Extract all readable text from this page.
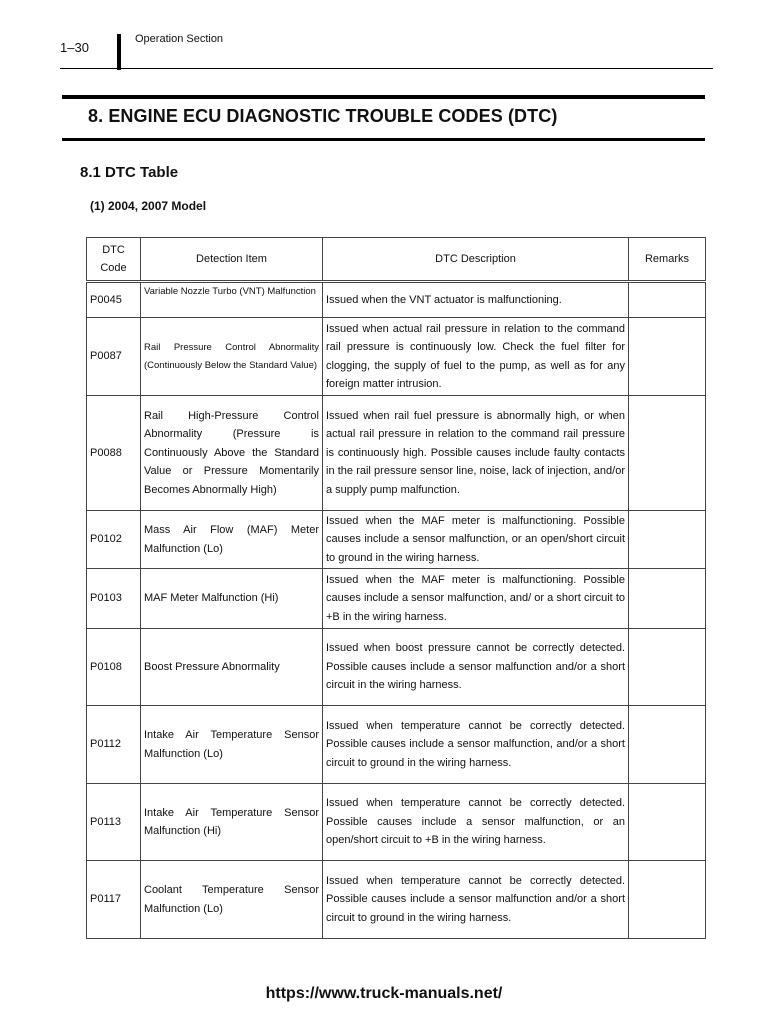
1–30
Operation Section
8. ENGINE ECU DIAGNOSTIC TROUBLE CODES (DTC)
8.1 DTC Table
(1) 2004, 2007 Model
DTC
Code	Detection Item	DTC Description	Remarks
P0045	Variable Nozzle Turbo (VNT) Malfunction	Issued when the VNT actuator is malfunctioning.	
P0087	Rail Pressure Control Abnormality (Continuously Below the Standard Value)	Issued when actual rail pressure in relation to the command rail pressure is continuously low. Check the fuel filter for clogging, the supply of fuel to the pump, as well as for any foreign matter intrusion.	
P0088	Rail High-Pressure Control Abnormality (Pressure is Continuously Above the Standard Value or Pressure Momentarily Becomes Abnormally High)	Issued when rail fuel pressure is abnormally high, or when actual rail pressure in relation to the command rail pressure is continuously high. Possible causes include faulty contacts in the rail pressure sensor line, noise, lack of injection, and/or a supply pump malfunction.	
P0102	Mass Air Flow (MAF) Meter Malfunction (Lo)	Issued when the MAF meter is malfunctioning. Possible causes include a sensor malfunction, or an open/short circuit to ground in the wiring harness.	
P0103	MAF Meter Malfunction (Hi)	Issued when the MAF meter is malfunctioning. Possible causes include a sensor malfunction, and/ or a short circuit to +B in the wiring harness.	
P0108	Boost Pressure Abnormality	Issued when boost pressure cannot be correctly detected. Possible causes include a sensor malfunction and/or a short circuit in the wiring harness.	
P0112	Intake Air Temperature Sensor Malfunction (Lo)	Issued when temperature cannot be correctly detected. Possible causes include a sensor malfunction, and/or a short circuit to ground in the wiring harness.	
P0113	Intake Air Temperature Sensor Malfunction (Hi)	Issued when temperature cannot be correctly detected. Possible causes include a sensor malfunction, or an open/short circuit to +B in the wiring harness.	
P0117	Coolant Temperature Sensor Malfunction (Lo)	Issued when temperature cannot be correctly detected. Possible causes include a sensor malfunction and/or a short circuit to ground in the wiring harness.	
https://www.truck-manuals.net/
